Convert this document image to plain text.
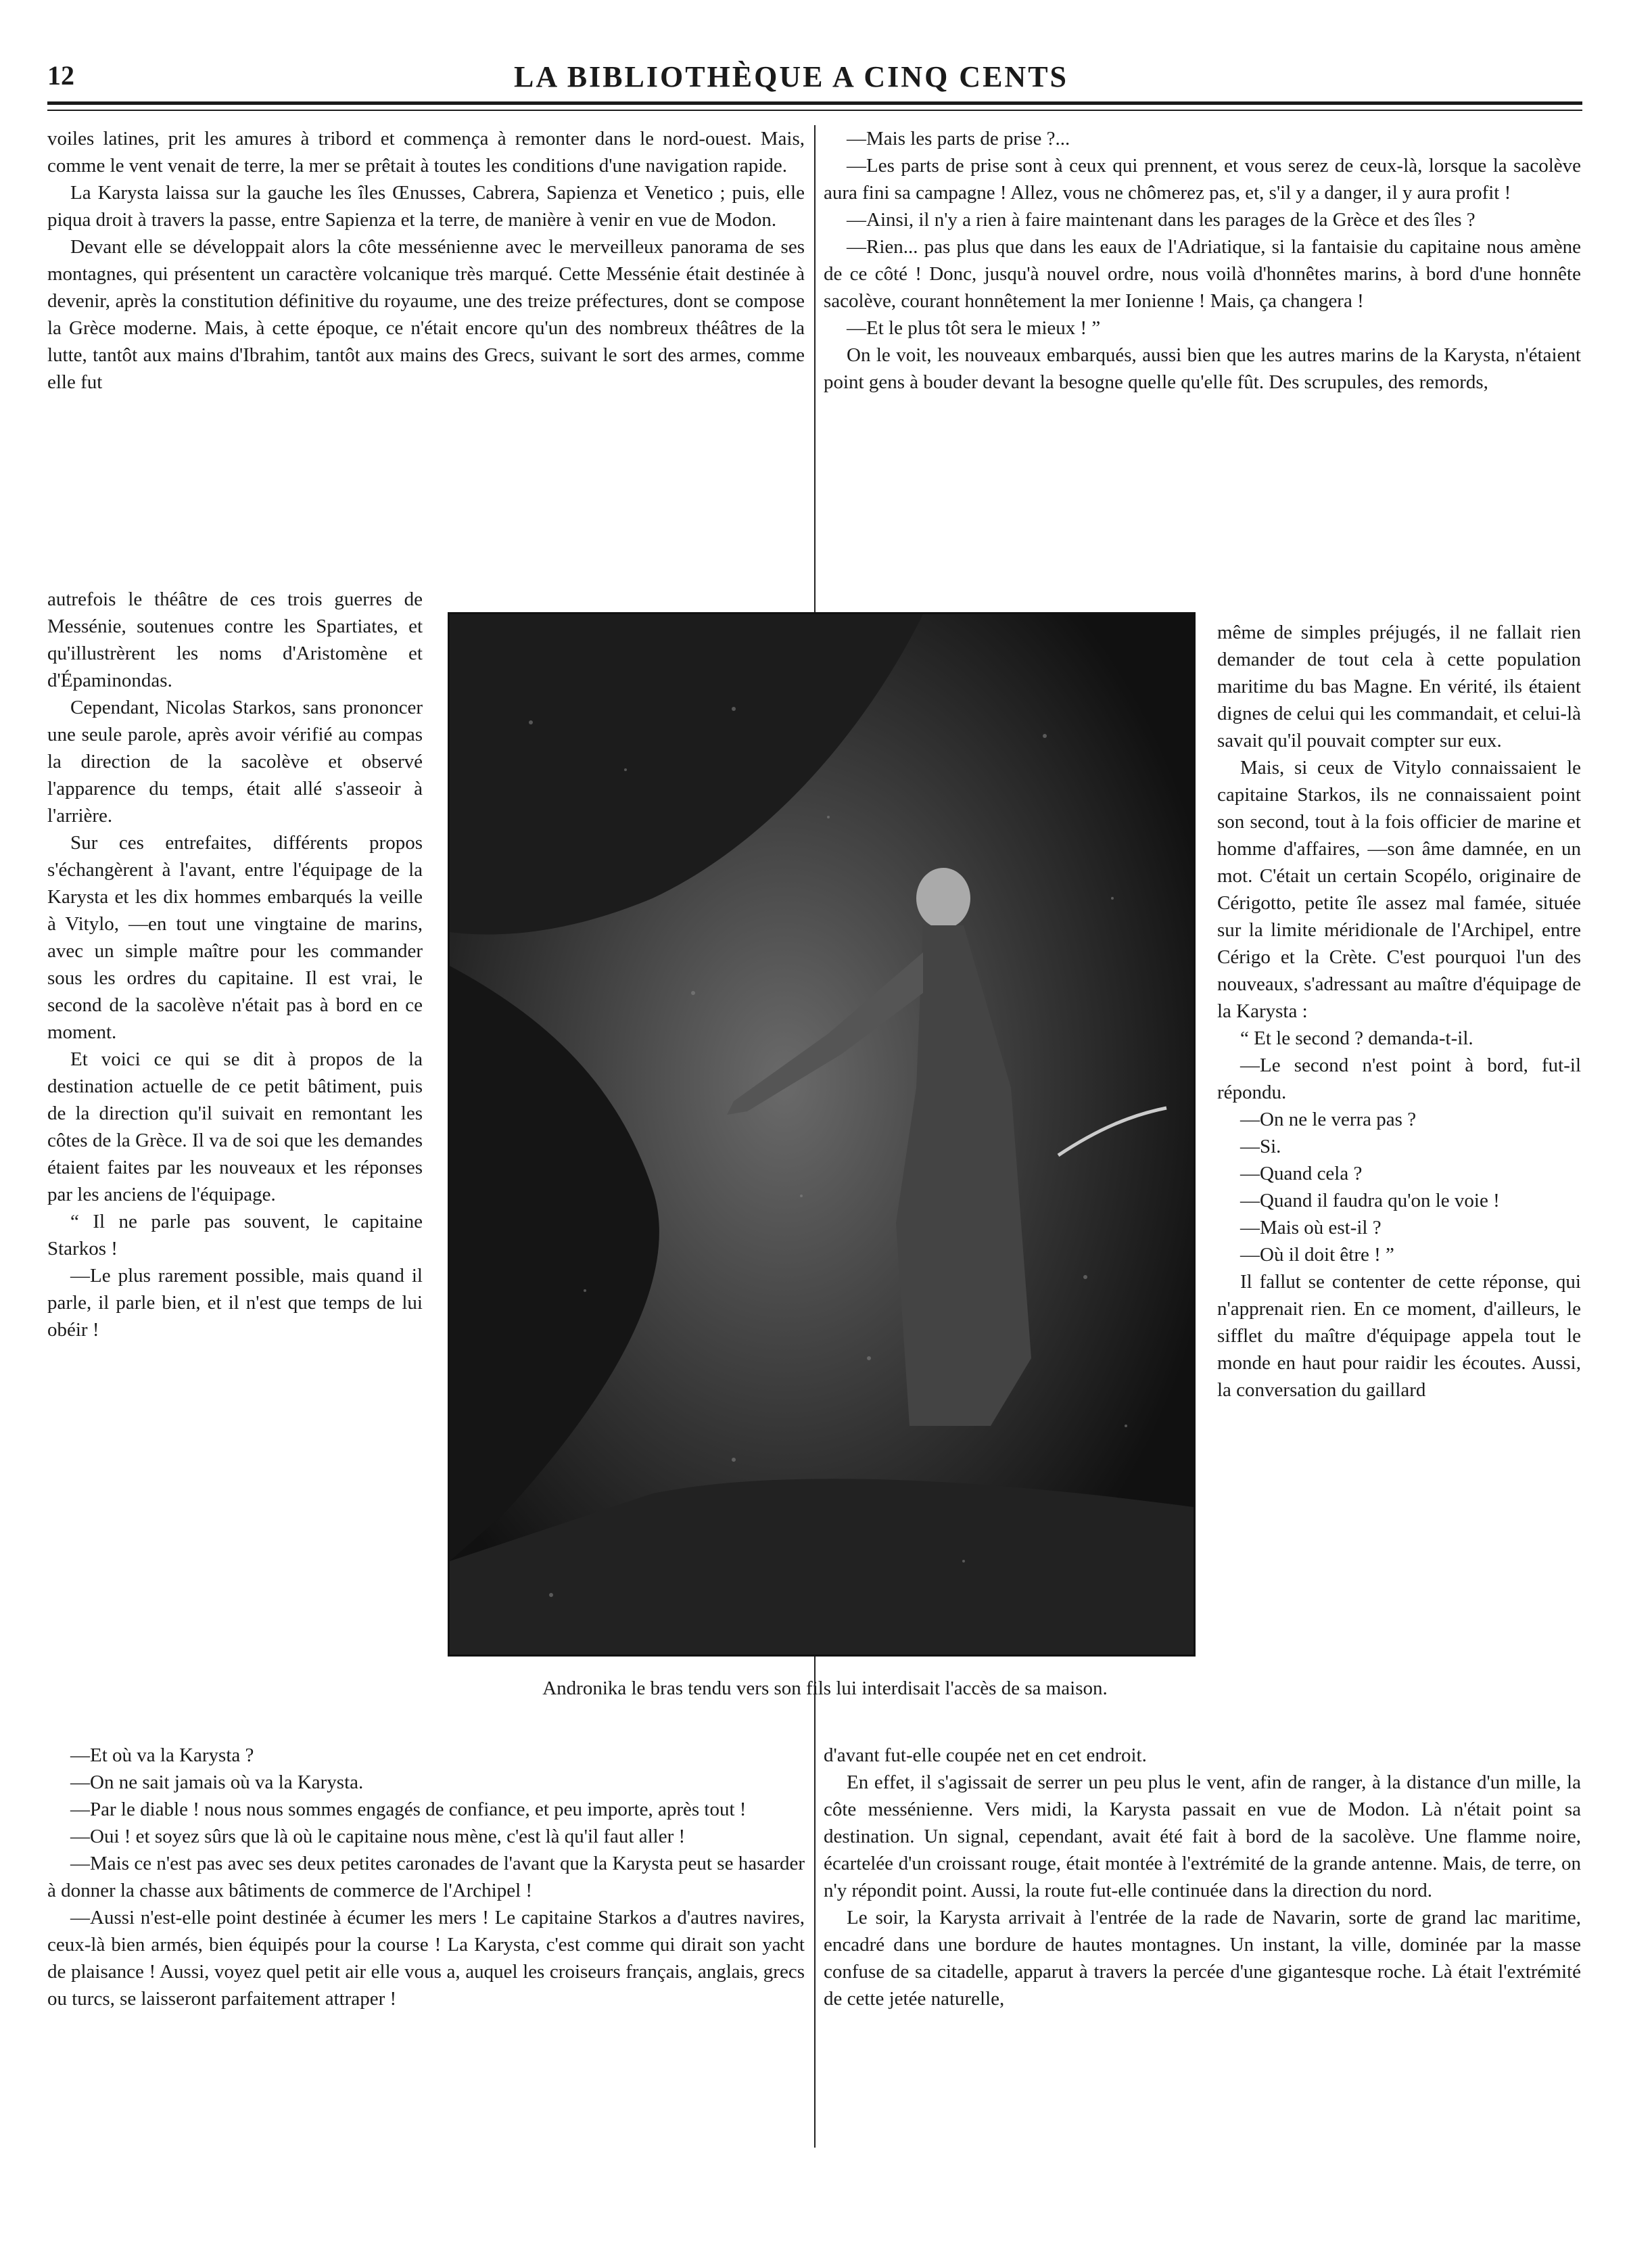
12	LA BIBLIOTHÈQUE A CINQ CENTS

voiles latines, prit les amures à tribord et commença à remonter dans le nord-ouest. Mais, comme le vent venait de terre, la mer se prêtait à toutes les conditions d'une navigation rapide.

La Karysta laissa sur la gauche les îles Œnusses, Cabrera, Sapienza et Venetico ; puis, elle piqua droit à travers la passe, entre Sapienza et la terre, de manière à venir en vue de Modon.

Devant elle se développait alors la côte messénienne avec le merveilleux panorama de ses montagnes, qui présentent un caractère volcanique très marqué. Cette Messénie était destinée à devenir, après la constitution définitive du royaume, une des treize préfectures, dont se compose la Grèce moderne. Mais, à cette époque, ce n'était encore qu'un des nombreux théâtres de la lutte, tantôt aux mains d'Ibrahim, tantôt aux mains des Grecs, suivant le sort des armes, comme elle fut

autrefois le théâtre de ces trois guerres de Messénie, soutenues contre les Spartiates, et qu'illustrèrent les noms d'Aristomène et d'Épaminondas.

Cependant, Nicolas Starkos, sans prononcer une seule parole, après avoir vérifié au compas la direction de la sacolève et observé l'apparence du temps, était allé s'asseoir à l'arrière.

Sur ces entrefaites, différents propos s'échangèrent à l'avant, entre l'équipage de la Karysta et les dix hommes embarqués la veille à Vitylo, —en tout une vingtaine de marins, avec un simple maître pour les commander sous les ordres du capitaine. Il est vrai, le second de la sacolève n'était pas à bord en ce moment.

Et voici ce qui se dit à propos de la destination actuelle de ce petit bâtiment, puis de la direction qu'il suivait en remontant les côtes de la Grèce. Il va de soi que les demandes étaient faites par les nouveaux et les réponses par les anciens de l'équipage.

“ Il ne parle pas souvent, le capitaine Starkos !

—Le plus rarement possible, mais quand il parle, il parle bien, et il n'est que temps de lui obéir !

—Et où va la Karysta ?

—On ne sait jamais où va la Karysta.

—Par le diable ! nous nous sommes engagés de confiance, et peu importe, après tout !

—Oui ! et soyez sûrs que là où le capitaine nous mène, c'est là qu'il faut aller !

—Mais ce n'est pas avec ses deux petites caronades de l'avant que la Karysta peut se hasarder à donner la chasse aux bâtiments de commerce de l'Archipel !

—Aussi n'est-elle point destinée à écumer les mers ! Le capitaine Starkos a d'autres navires, ceux-là bien armés, bien équipés pour la course ! La Karysta, c'est comme qui dirait son yacht de plaisance ! Aussi, voyez quel petit air elle vous a, auquel les croiseurs français, anglais, grecs ou turcs, se laisseront parfaitement attraper !

—Mais les parts de prise ?...

—Les parts de prise sont à ceux qui prennent, et vous serez de ceux-là, lorsque la sacolève aura fini sa campagne ! Allez, vous ne chômerez pas, et, s'il y a danger, il y aura profit !

—Ainsi, il n'y a rien à faire maintenant dans les parages de la Grèce et des îles ?

—Rien... pas plus que dans les eaux de l'Adriatique, si la fantaisie du capitaine nous amène de ce côté ! Donc, jusqu'à nouvel ordre, nous voilà d'honnêtes marins, à bord d'une honnête sacolève, courant honnêtement la mer Ionienne ! Mais, ça changera !

—Et le plus tôt sera le mieux ! ”

On le voit, les nouveaux embarqués, aussi bien que les autres marins de la Karysta, n'étaient point gens à bouder devant la besogne quelle qu'elle fût. Des scrupules, des remords,

même de simples préjugés, il ne fallait rien demander de tout cela à cette population maritime du bas Magne. En vérité, ils étaient dignes de celui qui les commandait, et celui-là savait qu'il pouvait compter sur eux.

Mais, si ceux de Vitylo connaissaient le capitaine Starkos, ils ne connaissaient point son second, tout à la fois officier de marine et homme d'affaires, —son âme damnée, en un mot. C'était un certain Scopélo, originaire de Cérigotto, petite île assez mal famée, située sur la limite méridionale de l'Archipel, entre Cérigo et la Crète. C'est pourquoi l'un des nouveaux, s'adressant au maître d'équipage de la Karysta :

“ Et le second ? demanda-t-il.

—Le second n'est point à bord, fut-il répondu.

—On ne le verra pas ?

—Si.

—Quand cela ?

—Quand il faudra qu'on le voie !

—Mais où est-il ?

—Où il doit être ! ”

Il fallut se contenter de cette réponse, qui n'apprenait rien. En ce moment, d'ailleurs, le sifflet du maître d'équipage appela tout le monde en haut pour raidir les écoutes. Aussi, la conversation du gaillard

d'avant fut-elle coupée net en cet endroit.

En effet, il s'agissait de serrer un peu plus le vent, afin de ranger, à la distance d'un mille, la côte messénienne. Vers midi, la Karysta passait en vue de Modon. Là n'était point sa destination. Un signal, cependant, avait été fait à bord de la sacolève. Une flamme noire, écartelée d'un croissant rouge, était montée à l'extrémité de la grande antenne. Mais, de terre, on n'y répondit point. Aussi, la route fut-elle continuée dans la direction du nord.

Le soir, la Karysta arrivait à l'entrée de la rade de Navarin, sorte de grand lac maritime, encadré dans une bordure de hautes montagnes. Un instant, la ville, dominée par la masse confuse de sa citadelle, apparut à travers la percée d'une gigantesque roche. Là était l'extrémité de cette jetée naturelle,

Andronika le bras tendu vers son fils lui interdisait l'accès de sa maison.
